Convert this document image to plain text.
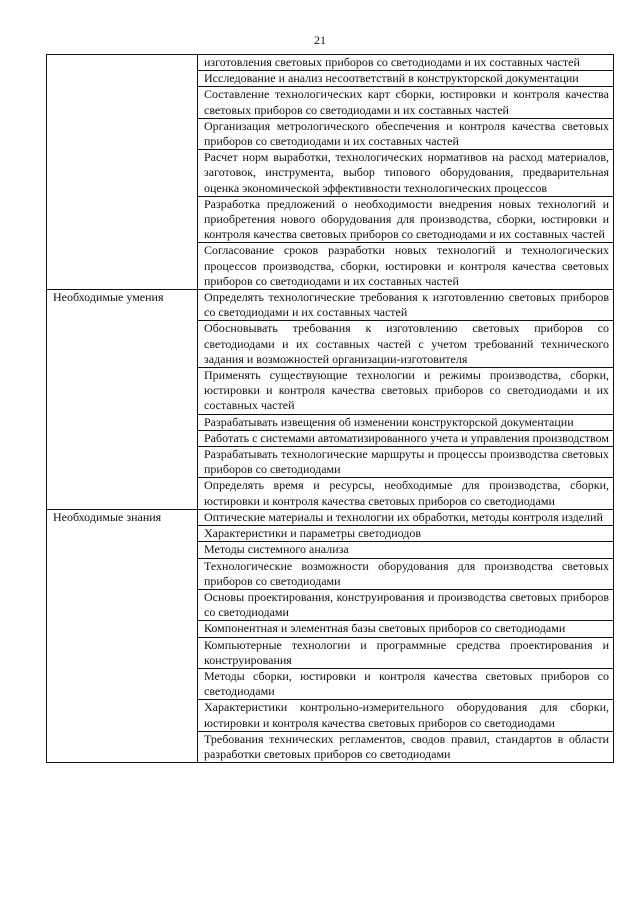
21
	изготовления световых приборов со светодиодами и их составных частей
	Исследование и анализ несоответствий в конструкторской документации
	Составление технологических карт сборки, юстировки и контроля качества световых приборов со светодиодами и их составных частей
	Организация метрологического обеспечения и контроля качества световых приборов со светодиодами и их составных частей
	Расчет норм выработки, технологических нормативов на расход материалов, заготовок, инструмента, выбор типового оборудования, предварительная оценка экономической эффективности технологических процессов
	Разработка предложений о необходимости внедрения новых технологий и приобретения нового оборудования для производства, сборки, юстировки и контроля качества световых приборов со светодиодами и их составных частей
	Согласование сроков разработки новых технологий и технологических процессов производства, сборки, юстировки и контроля качества световых приборов со светодиодами и их составных частей
Необходимые умения	Определять технологические требования к изготовлению световых приборов со светодиодами и их составных частей
	Обосновывать требования к изготовлению световых приборов со светодиодами и их составных частей с учетом требований технического задания и возможностей организации-изготовителя
	Применять существующие технологии и режимы производства, сборки, юстировки и контроля качества световых приборов со светодиодами и их составных частей
	Разрабатывать извещения об изменении конструкторской документации
	Работать с системами автоматизированного учета и управления производством
	Разрабатывать технологические маршруты и процессы производства световых приборов со светодиодами
	Определять время и ресурсы, необходимые для производства, сборки, юстировки и контроля качества световых приборов со светодиодами
Необходимые знания	Оптические материалы и технологии их обработки, методы контроля изделий
	Характеристики и параметры светодиодов
	Методы системного анализа
	Технологические возможности оборудования для производства световых приборов со светодиодами
	Основы проектирования, конструирования и производства световых приборов со светодиодами
	Компонентная и элементная базы световых приборов со светодиодами
	Компьютерные технологии и программные средства проектирования и конструирования
	Методы сборки, юстировки и контроля качества световых приборов со светодиодами
	Характеристики контрольно-измерительного оборудования для сборки, юстировки и контроля качества световых приборов со светодиодами
	Требования технических регламентов, сводов правил, стандартов в области разработки световых приборов со светодиодами
